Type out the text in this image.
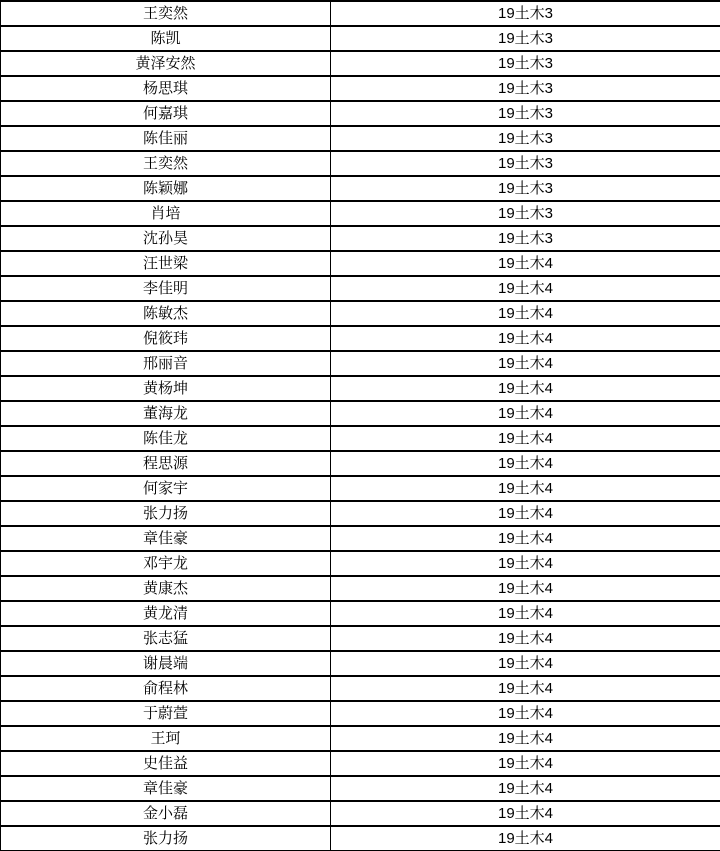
王奕然	19土木3
陈凯	19土木3
黄泽安然	19土木3
杨思琪	19土木3
何嘉琪	19土木3
陈佳丽	19土木3
王奕然	19土木3
陈颖娜	19土木3
肖培	19土木3
沈孙昊	19土木3
汪世梁	19土木4
李佳明	19土木4
陈敏杰	19土木4
倪筱玮	19土木4
邢丽音	19土木4
黄杨坤	19土木4
董海龙	19土木4
陈佳龙	19土木4
程思源	19土木4
何家宇	19土木4
张力扬	19土木4
章佳豪	19土木4
邓宇龙	19土木4
黄康杰	19土木4
黄龙清	19土木4
张志猛	19土木4
谢晨端	19土木4
俞程林	19土木4
于蔚萱	19土木4
王珂	19土木4
史佳益	19土木4
章佳豪	19土木4
金小磊	19土木4
张力扬	19土木4
